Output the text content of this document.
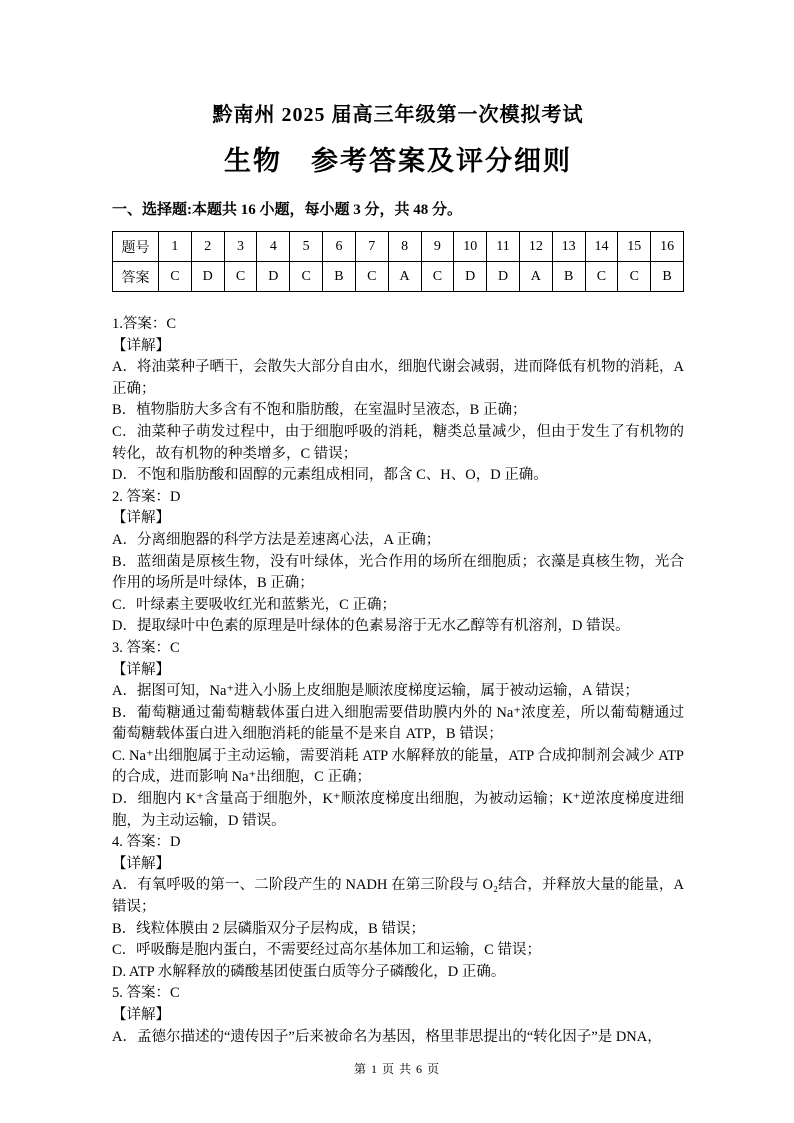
黔南州 2025 届高三年级第一次模拟考试
生物　参考答案及评分细则
一、选择题:本题共 16 小题，每小题 3 分，共 48 分。
题号	1	2	3	4	5	6	7	8	9	10	11	12	13	14	15	16
答案	C	D	C	D	C	B	C	A	C	D	D	A	B	C	C	B

1.答案：C

【详解】

A．将油菜种子晒干，会散失大部分自由水，细胞代谢会减弱，进而降低有机物的消耗，A 正确；

B．植物脂肪大多含有不饱和脂肪酸，在室温时呈液态，B 正确；

C．油菜种子萌发过程中，由于细胞呼吸的消耗，糖类总量减少，但由于发生了有机物的转化，故有机物的种类增多，C 错误；

D．不饱和脂肪酸和固醇的元素组成相同，都含 C、H、O，D 正确。

2. 答案：D

【详解】

A．分离细胞器的科学方法是差速离心法，A 正确；

B．蓝细菌是原核生物，没有叶绿体，光合作用的场所在细胞质；衣藻是真核生物，光合作用的场所是叶绿体，B 正确；

C．叶绿素主要吸收红光和蓝紫光，C 正确；

D．提取绿叶中色素的原理是叶绿体的色素易溶于无水乙醇等有机溶剂，D 错误。

3. 答案：C

【详解】

A．据图可知，Na⁺进入小肠上皮细胞是顺浓度梯度运输，属于被动运输，A 错误；

B．葡萄糖通过葡萄糖载体蛋白进入细胞需要借助膜内外的 Na⁺浓度差，所以葡萄糖通过葡萄糖载体蛋白进入细胞消耗的能量不是来自 ATP，B 错误；

C. Na⁺出细胞属于主动运输，需要消耗 ATP 水解释放的能量，ATP 合成抑制剂会减少 ATP 的合成，进而影响 Na⁺出细胞，C 正确；

D．细胞内 K⁺含量高于细胞外，K⁺顺浓度梯度出细胞，为被动运输；K⁺逆浓度梯度进细胞，为主动运输，D 错误。

4. 答案：D

【详解】

A．有氧呼吸的第一、二阶段产生的 NADH 在第三阶段与 O₂结合，并释放大量的能量，A 错误；

B．线粒体膜由 2 层磷脂双分子层构成，B 错误；

C．呼吸酶是胞内蛋白，不需要经过高尔基体加工和运输，C 错误；

D. ATP 水解释放的磷酸基团使蛋白质等分子磷酸化，D 正确。

5. 答案：C

【详解】

A．孟德尔描述的“遗传因子”后来被命名为基因，格里菲思提出的“转化因子”是 DNA，

第 1 页 共 6 页
